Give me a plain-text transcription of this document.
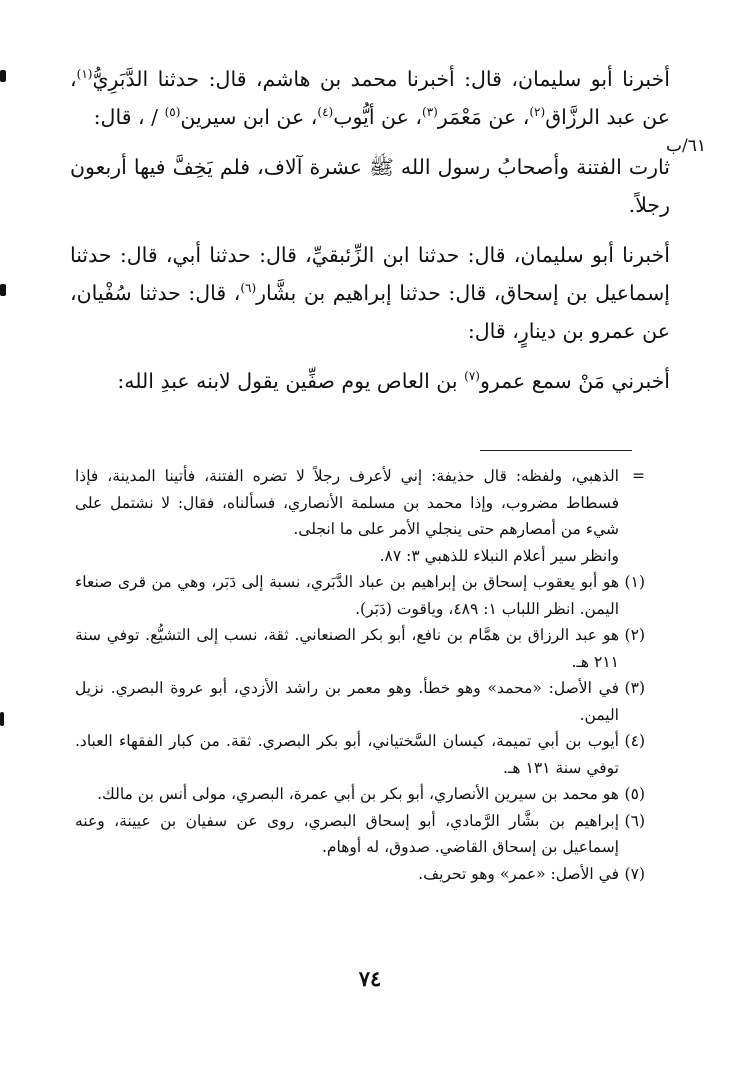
٦١/ب

أخبرنا أبو سليمان، قال: أخبرنا محمد بن هاشم، قال: حدثنا الدَّبَرِيُّ$^{(١)}$، عن عبد الرزَّاق$^{(٢)}$، عن مَعْمَر$^{(٣)}$، عن أيُّوب$^{(٤)}$، عن ابن سيرين$^{(٥)}$ / ، قال:

ثارت الفتنة وأصحابُ رسول الله ﷺ عشرة آلاف، فلم يَخِفَّ فيها أربعون رجلاً.

أخبرنا أبو سليمان، قال: حدثنا ابن الزِّئبقيِّ، قال: حدثنا أبي، قال: حدثنا إسماعيل بن إسحاق، قال: حدثنا إبراهيم بن بشَّار$^{(٦)}$، قال: حدثنا سُفْيان، عن عمرو بن دينارٍ، قال:

أخبرني مَنْ سمع عمرو$^{(٧)}$ بن العاص يوم صفِّين يقول لابنه عبدِ الله:

=
الذهبي، ولفظه: قال حذيفة: إني لأعرف رجلاً لا تضره الفتنة، فأتينا المدينة، فإذا فسطاط مضروب، وإذا محمد بن مسلمة الأنصاري، فسألناه، فقال: لا نشتمل على شيء من أمصارهم حتى ينجلي الأمر على ما انجلى.
وانظر سير أعلام النبلاء للذهبي ٣: ٨٧.
(١)
هو أبو يعقوب إسحاق بن إبراهيم بن عباد الدَّبَري، نسبة إلى دَبَر، وهي من قرى صنعاء اليمن. انظر اللباب ١: ٤٨٩، وياقوت (دَبَر).
(٢)
هو عبد الرزاق بن همَّام بن نافع، أبو بكر الصنعاني. ثقة، نسب إلى التشيُّع. توفي سنة ٢١١ هـ.
(٣)
في الأصل: «محمد» وهو خطأ. وهو معمر بن راشد الأزدي، أبو عروة البصري. نزيل اليمن.
(٤)
أيوب بن أبي تميمة، كيسان السَّختياني، أبو بكر البصري. ثقة. من كبار الفقهاء العباد. توفي سنة ١٣١ هـ.
(٥)
هو محمد بن سيرين الأنصاري، أبو بكر بن أبي عمرة، البصري، مولى أنس بن مالك.
(٦)
إبراهيم بن بشَّار الرَّمادي، أبو إسحاق البصري، روى عن سفيان بن عيينة، وعنه إسماعيل بن إسحاق القاضي. صدوق، له أوهام.
(٧)
في الأصل: «عمر» وهو تحريف.
٧٤
